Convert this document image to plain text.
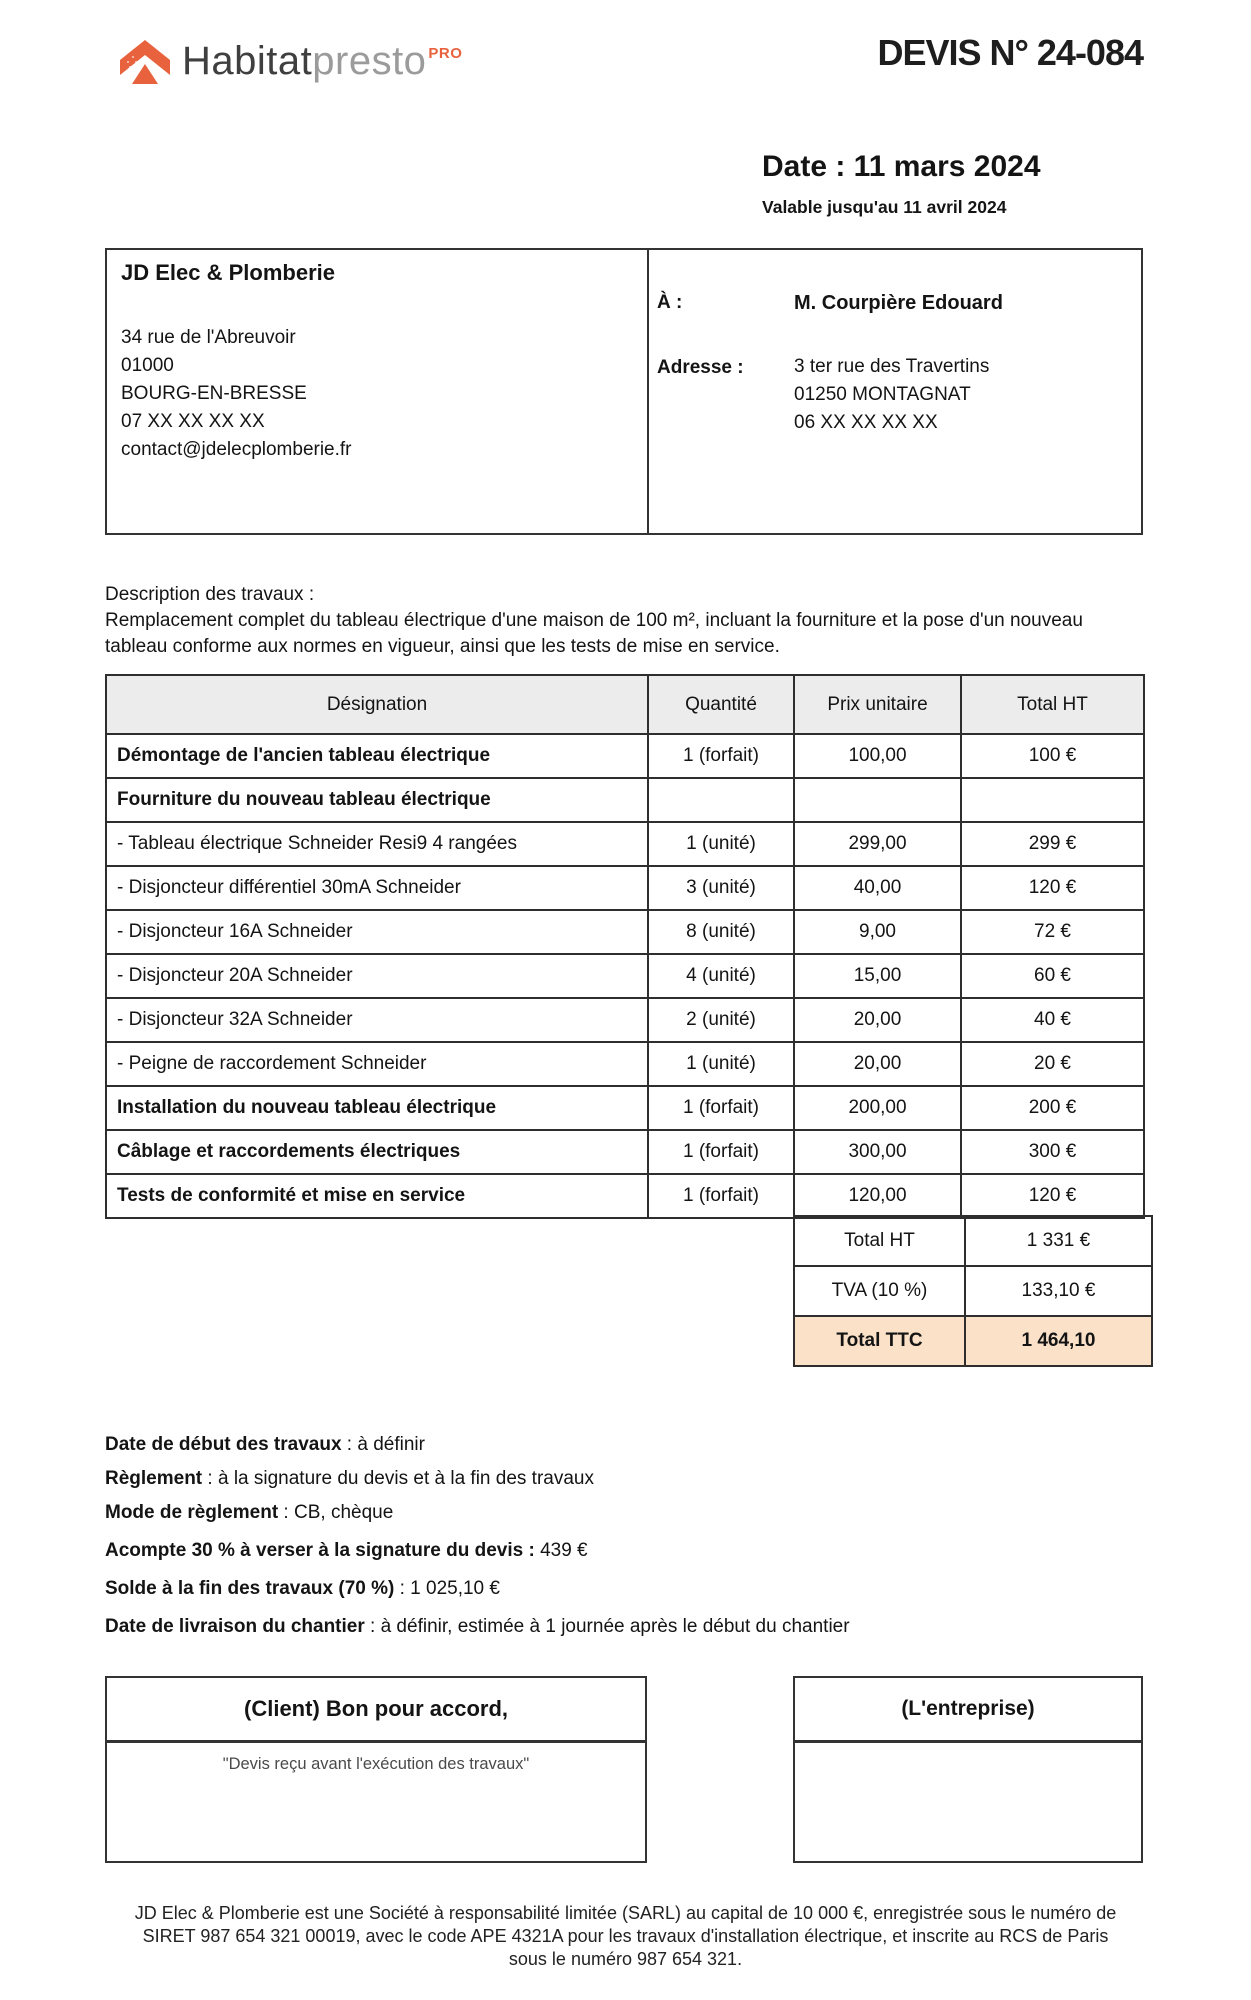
Habitatpresto $^{PRO}$	DEVIS N° 24-084
Date : 11 mars 2024
Valable jusqu'au 11 avril 2024
JD Elec & Plomberie
34 rue de l'Abreuvoir
01000
BOURG-EN-BRESSE
07 XX XX XX XX
contact@jdelecplomberie.fr
À :	M. Courpière Edouard
Adresse :	3 ter rue des Travertins
01250 MONTAGNAT
06 XX XX XX XX
Description des travaux :
Remplacement complet du tableau électrique d'une maison de 100 m², incluant la fourniture et la pose d'un nouveau tableau conforme aux normes en vigueur, ainsi que les tests de mise en service.
Désignation	Quantité	Prix unitaire	Total HT
Démontage de l'ancien tableau électrique	1 (forfait)	100,00	100 €
Fourniture du nouveau tableau électrique			
- Tableau électrique Schneider Resi9 4 rangées	1 (unité)	299,00	299 €
- Disjoncteur différentiel 30mA Schneider	3 (unité)	40,00	120 €
- Disjoncteur 16A Schneider	8 (unité)	9,00	72 €
- Disjoncteur 20A Schneider	4 (unité)	15,00	60 €
- Disjoncteur 32A Schneider	2 (unité)	20,00	40 €
- Peigne de raccordement Schneider	1 (unité)	20,00	20 €
Installation du nouveau tableau électrique	1 (forfait)	200,00	200 €
Câblage et raccordements électriques	1 (forfait)	300,00	300 €
Tests de conformité et mise en service	1 (forfait)	120,00	120 €
Total HT	1 331 €
TVA (10 %)	133,10 €
Total TTC	1 464,10
Date de début des travaux : à définir
Règlement : à la signature du devis et à la fin des travaux
Mode de règlement : CB, chèque
Acompte 30 % à verser à la signature du devis : 439 €
Solde à la fin des travaux (70 %) : 1 025,10 €
Date de livraison du chantier : à définir, estimée à 1 journée après le début du chantier
(Client) Bon pour accord,
"Devis reçu avant l'exécution des travaux"
(L'entreprise)
JD Elec & Plomberie est une Société à responsabilité limitée (SARL) au capital de 10 000 €, enregistrée sous le numéro de
SIRET 987 654 321 00019, avec le code APE 4321A pour les travaux d'installation électrique, et inscrite au RCS de Paris
sous le numéro 987 654 321.
